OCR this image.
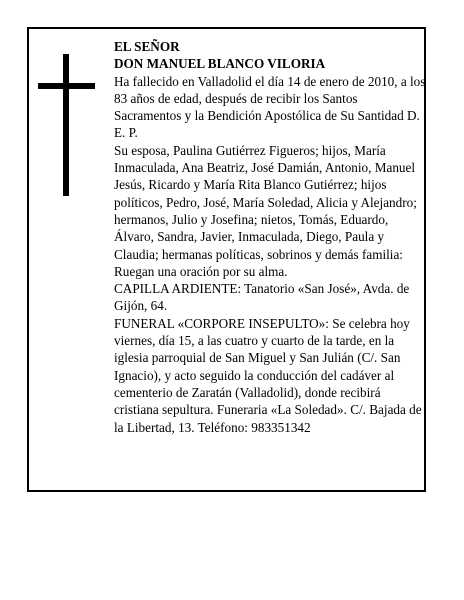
EL SEÑOR

DON MANUEL BLANCO VILORIA

Ha fallecido en Valladolid el día 14 de enero de 2010, a los 83 años de edad, después de recibir los Santos Sacramentos y la Bendición Apostólica de Su Santidad D. E. P.

Su esposa, Paulina Gutiérrez Figueros; hijos, María Inmaculada, Ana Beatriz, José Damián, Antonio, Manuel Jesús, Ricardo y María Rita Blanco Gutiérrez; hijos políticos, Pedro, José, María Soledad, Alicia y Alejandro; hermanos, Julio y Josefina; nietos, Tomás, Eduardo, Álvaro, Sandra, Javier, Inmaculada, Diego, Paula y Claudia; hermanas políticas, sobrinos y demás familia:

Ruegan una oración por su alma.

CAPILLA ARDIENTE: Tanatorio «San José», Avda. de Gijón, 64.

FUNERAL «CORPORE INSEPULTO»: Se celebra hoy viernes, día 15, a las cuatro y cuarto de la tarde, en la iglesia parroquial de San Miguel y San Julián (C/. San Ignacio), y acto seguido la conducción del cadáver al cementerio de Zaratán (Valladolid), donde recibirá cristiana sepultura. Funeraria «La Soledad». C/. Bajada de la Libertad, 13. Teléfono: 983351342
